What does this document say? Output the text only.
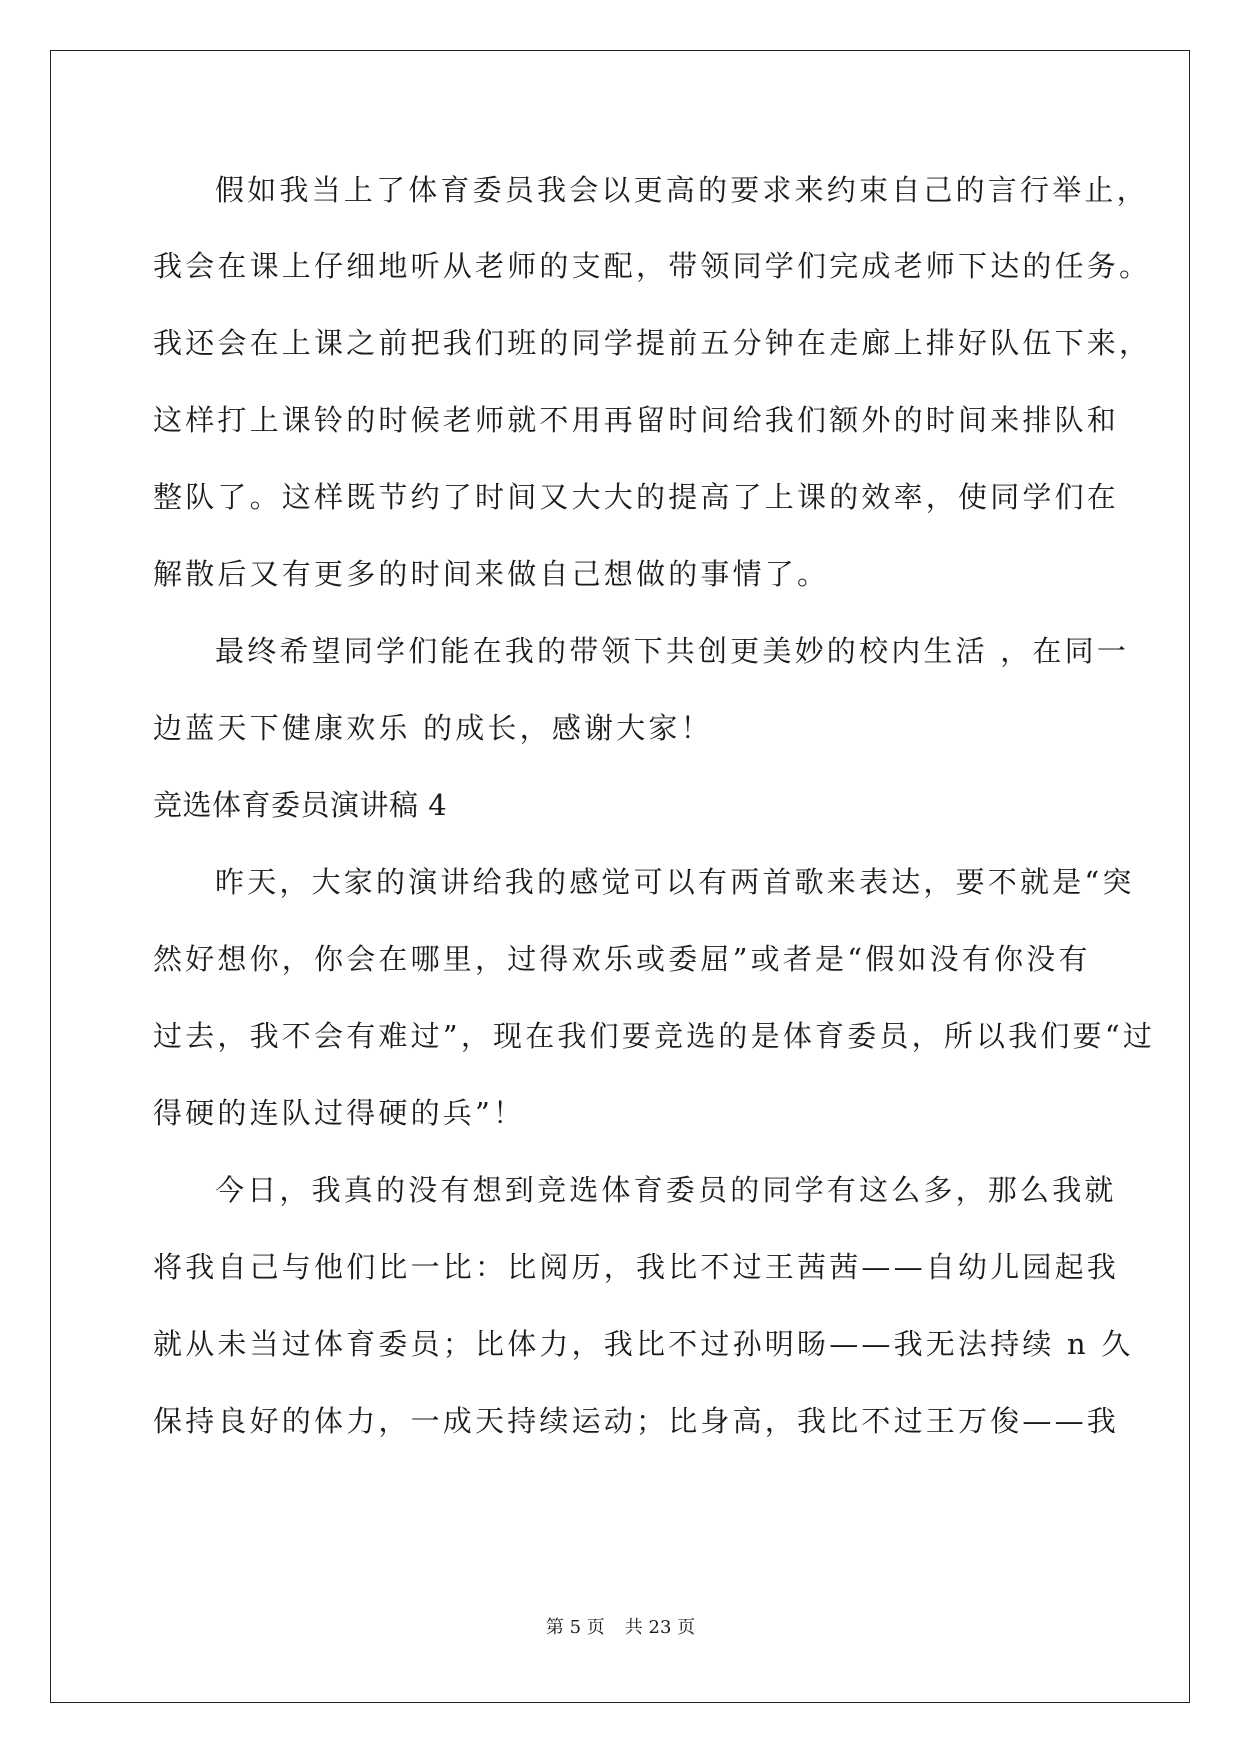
假如我当上了体育委员我会以更高的要求来约束自己的言行举止，
我会在课上仔细地听从老师的支配，带领同学们完成老师下达的任务。
我还会在上课之前把我们班的同学提前五分钟在走廊上排好队伍下来，
这样打上课铃的时候老师就不用再留时间给我们额外的时间来排队和
整队了。这样既节约了时间又大大的提高了上课的效率，使同学们在
解散后又有更多的时间来做自己想做的事情了。
最终希望同学们能在我的带领下共创更美妙的校内生活 ，在同一
边蓝天下健康欢乐 的成长，感谢大家！
竞选体育委员演讲稿 4
昨天，大家的演讲给我的感觉可以有两首歌来表达，要不就是“突
然好想你，你会在哪里，过得欢乐或委屈”或者是“假如没有你没有
过去，我不会有难过”，现在我们要竞选的是体育委员，所以我们要“过
得硬的连队过得硬的兵”！
今日，我真的没有想到竞选体育委员的同学有这么多，那么我就
将我自己与他们比一比：比阅历，我比不过王茜茜——自幼儿园起我
就从未当过体育委员；比体力，我比不过孙明旸——我无法持续 n 久
保持良好的体力，一成天持续运动；比身高，我比不过王万俊——我
第 5 页 共 23 页
